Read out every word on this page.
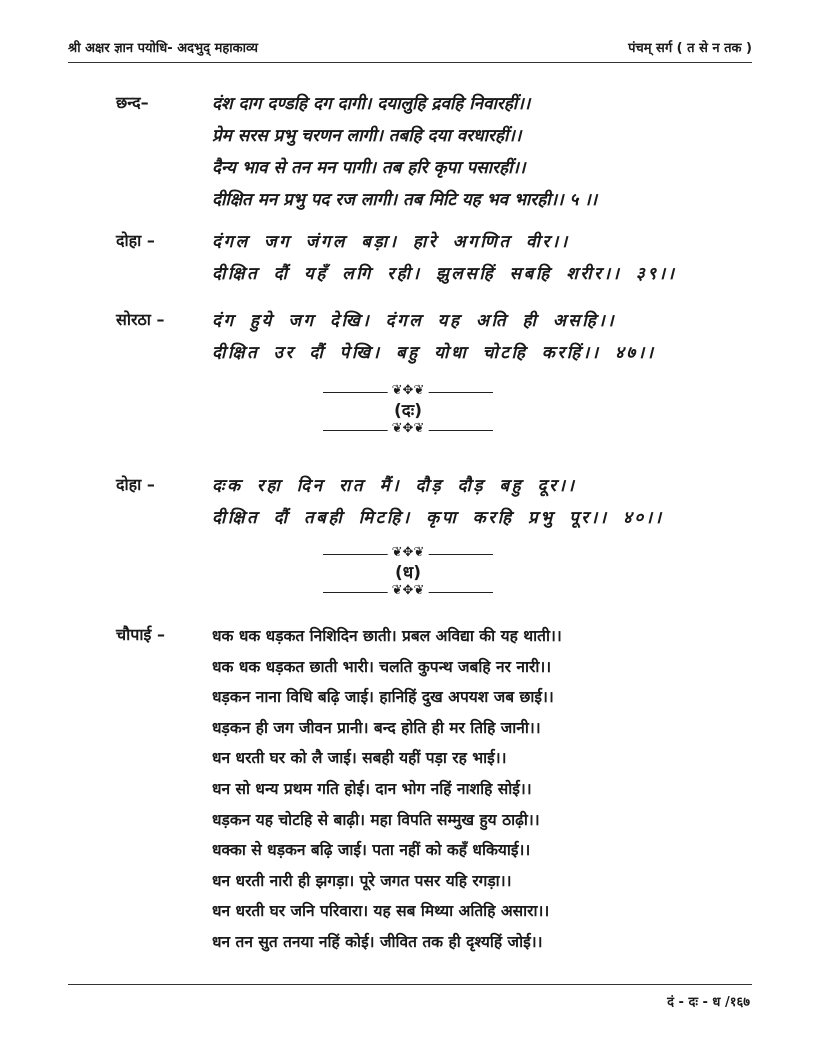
श्री अक्षर ज्ञान पयोधि- अदभुद् महाकाव्य	पंचम् सर्ग ( त से न तक )
छन्द–	दंश दाग दण्डहि दग दागी। दयालुहि द्रवहि निवारहीं।।
प्रेम सरस प्रभु चरणन लागी। तबहि दया वरधारहीं।।
दैन्य भाव से तन मन पागी। तब हरि कृपा पसारहीं।।
दीक्षित मन प्रभु पद रज लागी। तब मिटि यह भव भारही।। ५ ।।
दोहा –	दंगल जग जंगल बड़ा। हारे अगणित वीर।।
दीक्षित दौं यहँ लगि रही। झुलसहिं सबहि शरीर।। ३९।।
सोरठा –	दंग हुये जग देखि। दंगल यह अति ही असहि।।
दीक्षित उर दौं पेखि। बहु योधा चोटहि करहिं।। ४७।।
❦✥❦
(दः)
❦✥❦
दोहा –	दःक रहा दिन रात मैं। दौड़ दौड़ बहु दूर।।
दीक्षित दौं तबही मिटहि। कृपा करहि प्रभु पूर।। ४०।।
❦✥❦
(ध)
❦✥❦
चौपाई –	धक धक धड़कत निशिदिन छाती। प्रबल अविद्या की यह थाती।।
धक धक धड़कत छाती भारी। चलति कुपन्थ जबहि नर नारी।।
धड़कन नाना विधि बढ़ि जाई। हानिहिं दुख अपयश जब छाई।।
धड़कन ही जग जीवन प्रानी। बन्द होति ही मर तिहि जानी।।
धन धरती घर को लै जाई। सबही यहीं पड़ा रह भाई।।
धन सो धन्य प्रथम गति होई। दान भोग नहिं नाशहि सोई।।
धड़कन यह चोटहि से बाढ़ी। महा विपति सम्मुख हुय ठाढ़ी।।
धक्का से धड़कन बढ़ि जाई। पता नहीं को कहँ धकियाई।।
धन धरती नारी ही झगड़ा। पूरे जगत पसर यहि रगड़ा।।
धन धरती घर जनि परिवारा। यह सब मिथ्या अतिहि असारा।।
धन तन सुत तनया नहिं कोई। जीवित तक ही दृश्यहिं जोई।।
दं - दः - ध /१६७
